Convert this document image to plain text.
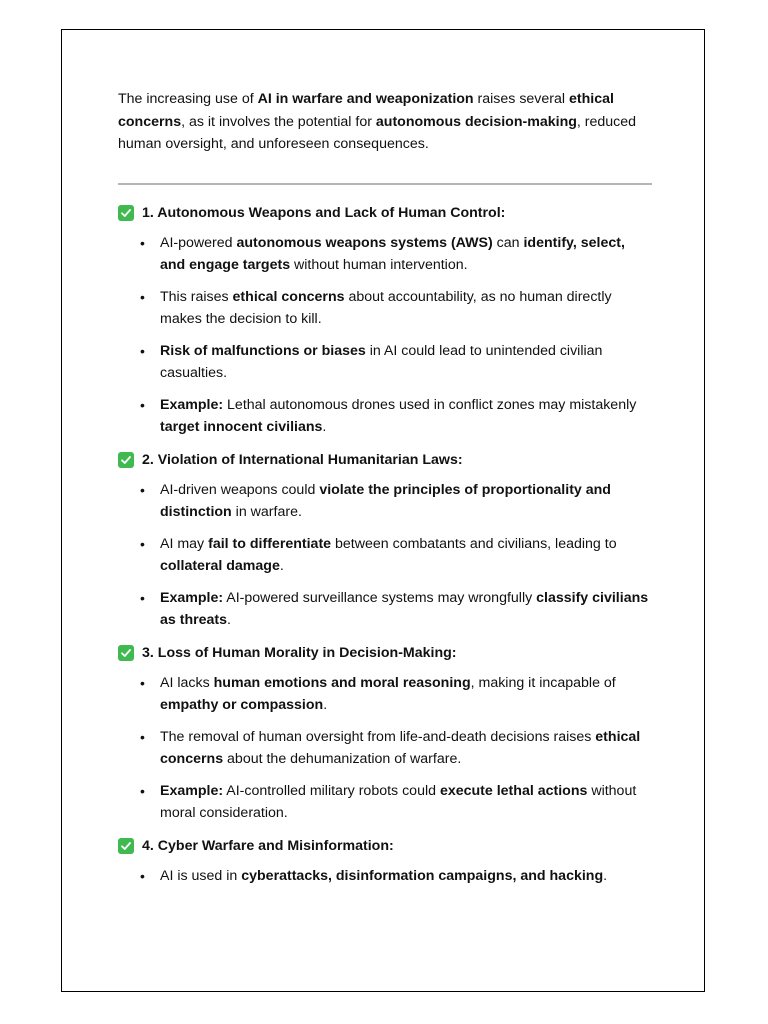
The increasing use of AI in warfare and weaponization raises several ethical concerns, as it involves the potential for autonomous decision-making, reduced human oversight, and unforeseen consequences.

1. Autonomous Weapons and Lack of Human Control:
• AI-powered autonomous weapons systems (AWS) can identify, select, and engage targets without human intervention.
• This raises ethical concerns about accountability, as no human directly makes the decision to kill.
• Risk of malfunctions or biases in AI could lead to unintended civilian casualties.
• Example: Lethal autonomous drones used in conflict zones may mistakenly target innocent civilians.
2. Violation of International Humanitarian Laws:
• AI-driven weapons could violate the principles of proportionality and distinction in warfare.
• AI may fail to differentiate between combatants and civilians, leading to collateral damage.
• Example: AI-powered surveillance systems may wrongfully classify civilians as threats.
3. Loss of Human Morality in Decision-Making:
• AI lacks human emotions and moral reasoning, making it incapable of empathy or compassion.
• The removal of human oversight from life-and-death decisions raises ethical concerns about the dehumanization of warfare.
• Example: AI-controlled military robots could execute lethal actions without moral consideration.
4. Cyber Warfare and Misinformation:
• AI is used in cyberattacks, disinformation campaigns, and hacking.
